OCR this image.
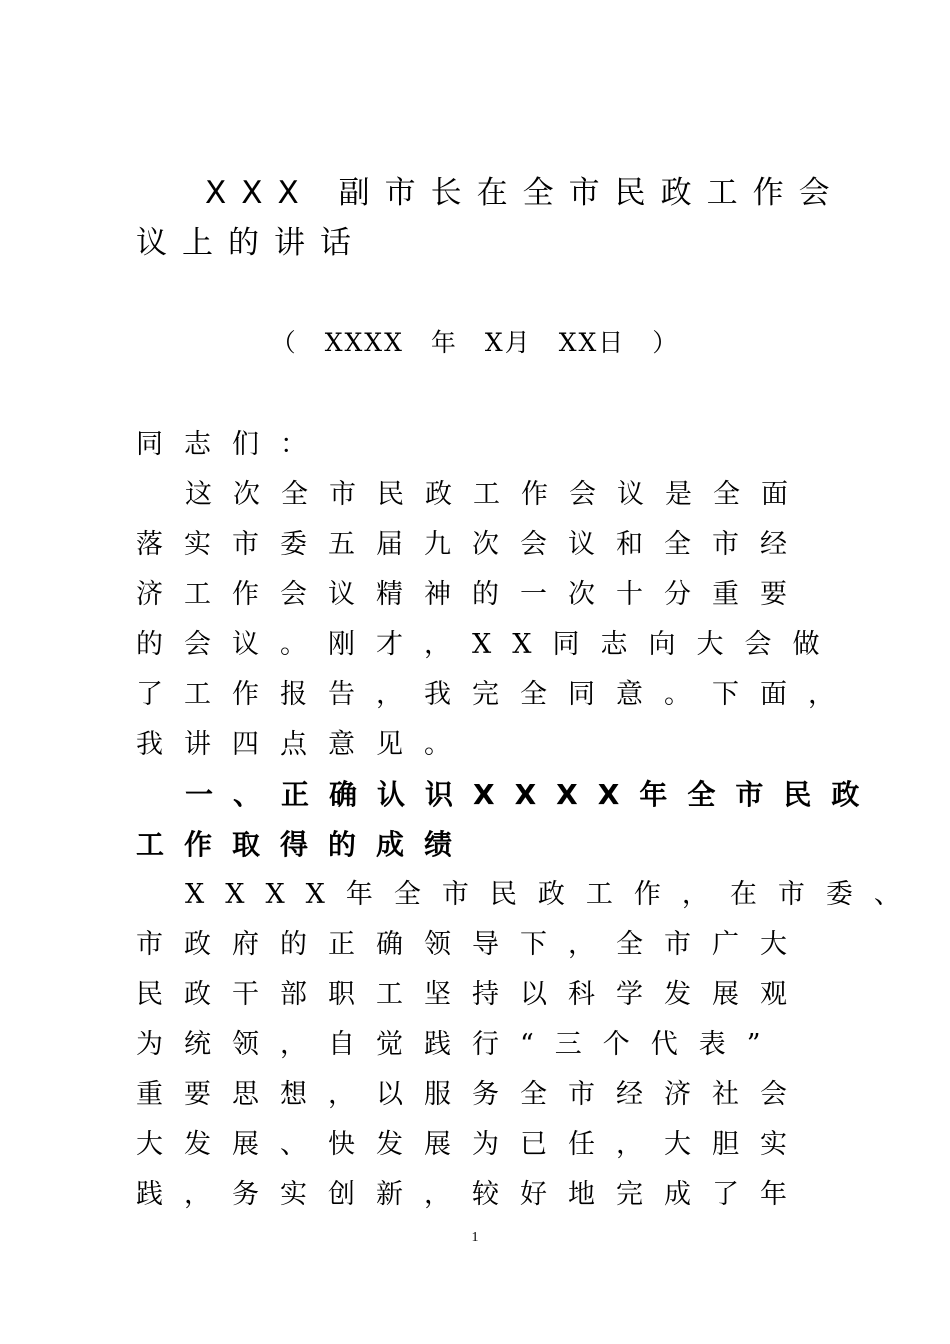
XXX 副市长在全市民政工作会
议上的讲话
（　XXXX　年　X月　XX日　）
同志们：
这次全市民政工作会议是全面
落实市委五届九次会议和全市经
济工作会议精神的一次十分重要
的会议。刚才，XX同志向大会做
了工作报告，我完全同意。下面，
我讲四点意见。
一、正确认识XXXX年全市民政
工作取得的成绩
XXXX年全市民政工作，在市委、
市政府的正确领导下，全市广大
民政干部职工坚持以科学发展观
为统领，自觉践行“三个代表”
重要思想，以服务全市经济社会
大发展、快发展为已任，大胆实
践，务实创新，较好地完成了年
1
